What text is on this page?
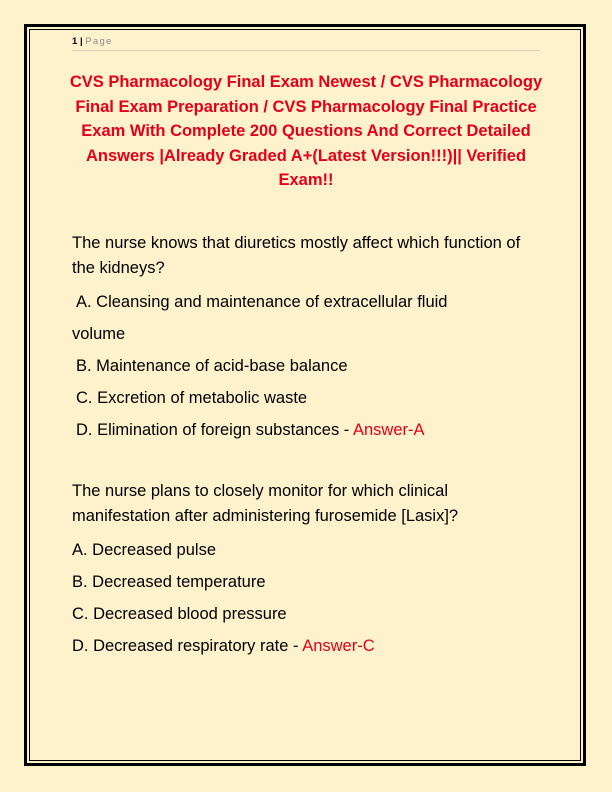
1 | Page
CVS Pharmacology Final Exam Newest / CVS Pharmacology Final Exam Preparation / CVS Pharmacology Final Practice Exam With Complete 200 Questions And Correct Detailed Answers |Already Graded A+(Latest Version!!!)|| Verified Exam!!

The nurse knows that diuretics mostly affect which function of the kidneys?

A. Cleansing and maintenance of extracellular fluid

volume

B. Maintenance of acid-base balance

C. Excretion of metabolic waste

D. Elimination of foreign substances - Answer-A

The nurse plans to closely monitor for which clinical manifestation after administering furosemide [Lasix]?

A. Decreased pulse

B. Decreased temperature

C. Decreased blood pressure

D. Decreased respiratory rate - Answer-C
